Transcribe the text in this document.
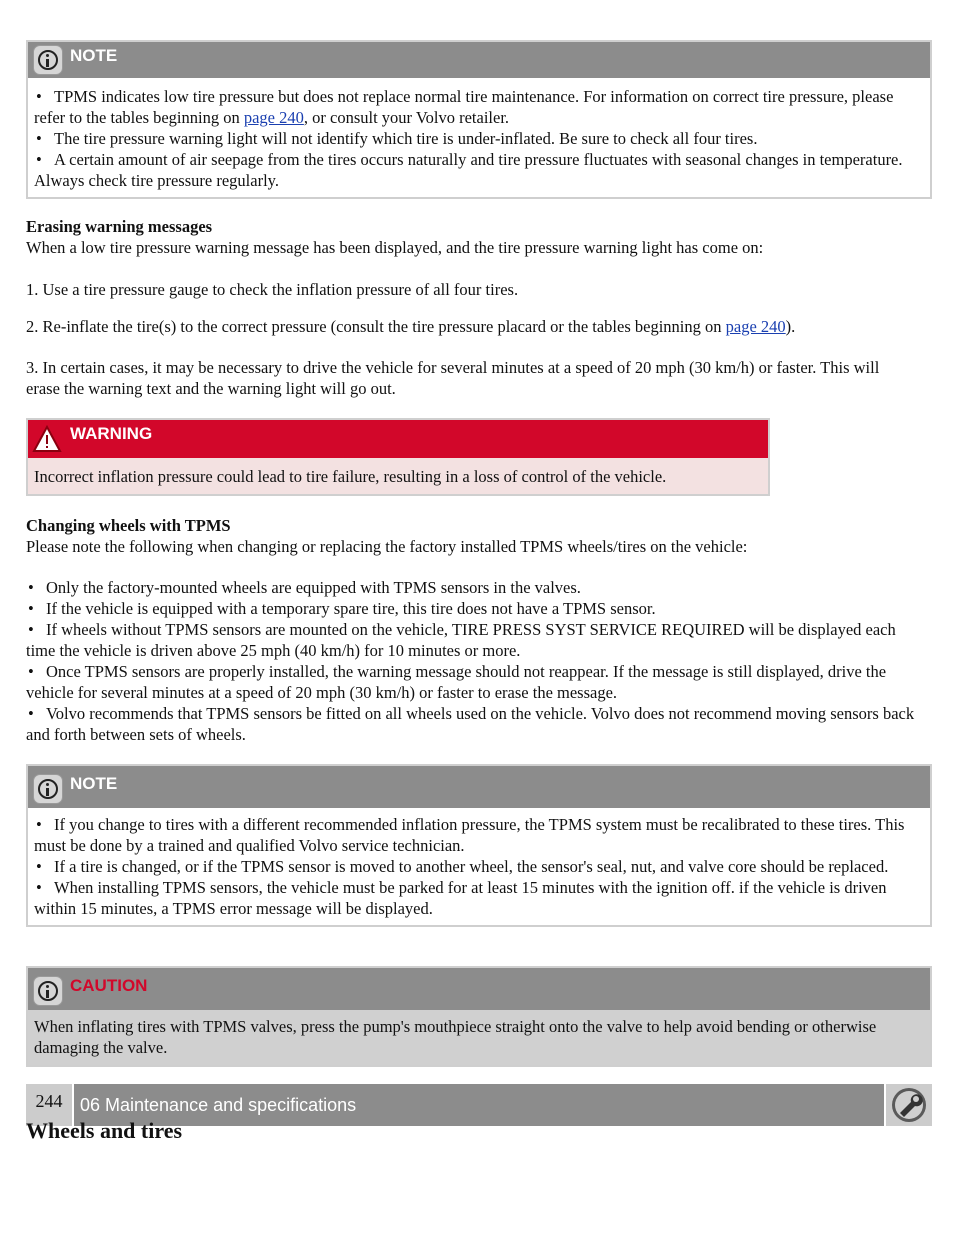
NOTE
• TPMS indicates low tire pressure but does not replace normal tire maintenance. For information on correct tire pressure, please refer to the tables beginning on page 240, or consult your Volvo retailer.
• The tire pressure warning light will not identify which tire is under-inflated. Be sure to check all four tires.
• A certain amount of air seepage from the tires occurs naturally and tire pressure fluctuates with seasonal changes in temperature. Always check tire pressure regularly.
Erasing warning messages
When a low tire pressure warning message has been displayed, and the tire pressure warning light has come on:
1. Use a tire pressure gauge to check the inflation pressure of all four tires.
2. Re-inflate the tire(s) to the correct pressure (consult the tire pressure placard or the tables beginning on page 240).
3. In certain cases, it may be necessary to drive the vehicle for several minutes at a speed of 20 mph (30 km/h) or faster. This will erase the warning text and the warning light will go out.
WARNING
Incorrect inflation pressure could lead to tire failure, resulting in a loss of control of the vehicle.
Changing wheels with TPMS
Please note the following when changing or replacing the factory installed TPMS wheels/tires on the vehicle:
• Only the factory-mounted wheels are equipped with TPMS sensors in the valves.
• If the vehicle is equipped with a temporary spare tire, this tire does not have a TPMS sensor.
• If wheels without TPMS sensors are mounted on the vehicle, TIRE PRESS SYST SERVICE REQUIRED will be displayed each time the vehicle is driven above 25 mph (40 km/h) for 10 minutes or more.
• Once TPMS sensors are properly installed, the warning message should not reappear. If the message is still displayed, drive the vehicle for several minutes at a speed of 20 mph (30 km/h) or faster to erase the message.
• Volvo recommends that TPMS sensors be fitted on all wheels used on the vehicle. Volvo does not recommend moving sensors back and forth between sets of wheels.
NOTE
• If you change to tires with a different recommended inflation pressure, the TPMS system must be recalibrated to these tires. This must be done by a trained and qualified Volvo service technician.
• If a tire is changed, or if the TPMS sensor is moved to another wheel, the sensor's seal, nut, and valve core should be replaced.
• When installing TPMS sensors, the vehicle must be parked for at least 15 minutes with the ignition off. if the vehicle is driven within 15 minutes, a TPMS error message will be displayed.
CAUTION
When inflating tires with TPMS valves, press the pump's mouthpiece straight onto the valve to help avoid bending or otherwise damaging the valve.
244 06 Maintenance and specifications
Wheels and tires
